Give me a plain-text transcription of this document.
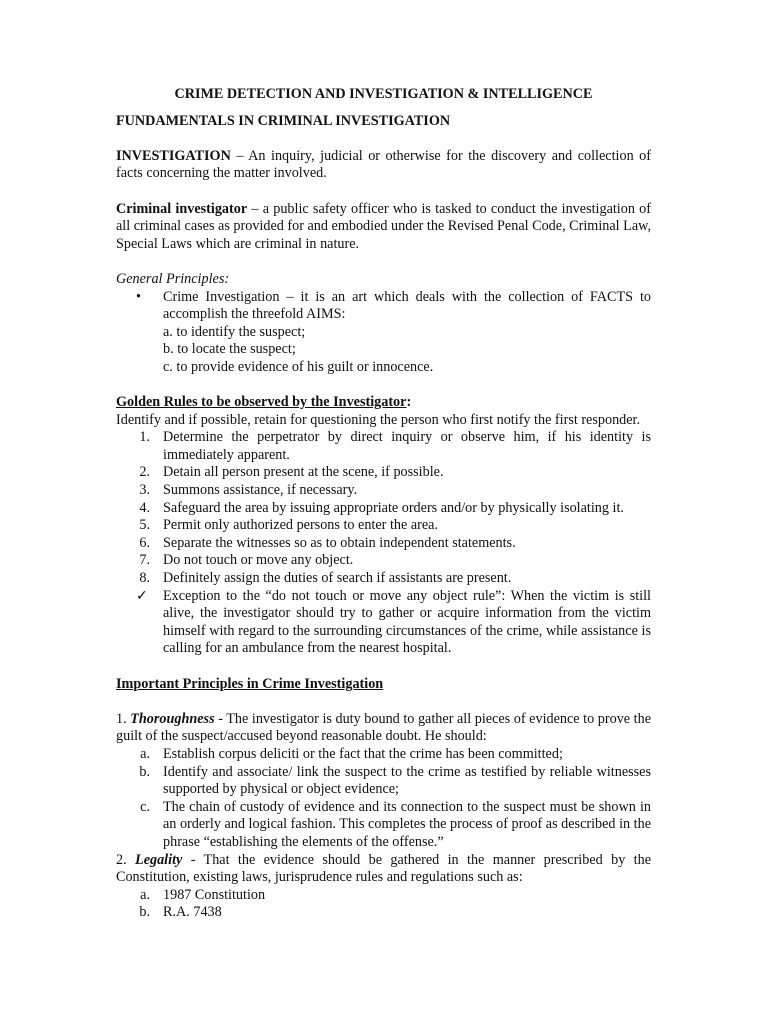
CRIME DETECTION AND INVESTIGATION & INTELLIGENCE

FUNDAMENTALS IN CRIMINAL INVESTIGATION

INVESTIGATION – An inquiry, judicial or otherwise for the discovery and collection of facts concerning the matter involved.

Criminal investigator – a public safety officer who is tasked to conduct the investigation of all criminal cases as provided for and embodied under the Revised Penal Code, Criminal Law, Special Laws which are criminal in nature.

General Principles:

•	Crime Investigation – it is an art which deals with the collection of FACTS to accomplish the threefold AIMS:

a. to identify the suspect;

b. to locate the suspect;

c. to provide evidence of his guilt or innocence.

Golden Rules to be observed by the Investigator:

Identify and if possible, retain for questioning the person who first notify the first responder.

1. Determine the perpetrator by direct inquiry or observe him, if his identity is immediately apparent.
2. Detain all person present at the scene, if possible.
3. Summons assistance, if necessary.
4. Safeguard the area by issuing appropriate orders and/or by physically isolating it.
5. Permit only authorized persons to enter the area.
6. Separate the witnesses so as to obtain independent statements.
7. Do not touch or move any object.
8. Definitely assign the duties of search if assistants are present.
✓ Exception to the “do not touch or move any object rule”: When the victim is still alive, the investigator should try to gather or acquire information from the victim himself with regard to the surrounding circumstances of the crime, while assistance is calling for an ambulance from the nearest hospital.

Important Principles in Crime Investigation

1. Thoroughness - The investigator is duty bound to gather all pieces of evidence to prove the guilt of the suspect/accused beyond reasonable doubt. He should:

a. Establish corpus deliciti or the fact that the crime has been committed;
b. Identify and associate/ link the suspect to the crime as testified by reliable witnesses supported by physical or object evidence;
c. The chain of custody of evidence and its connection to the suspect must be shown in an orderly and logical fashion. This completes the process of proof as described in the phrase “establishing the elements of the offense.”

2. Legality - That the evidence should be gathered in the manner prescribed by the Constitution, existing laws, jurisprudence rules and regulations such as:

a. 1987 Constitution
b. R.A. 7438
